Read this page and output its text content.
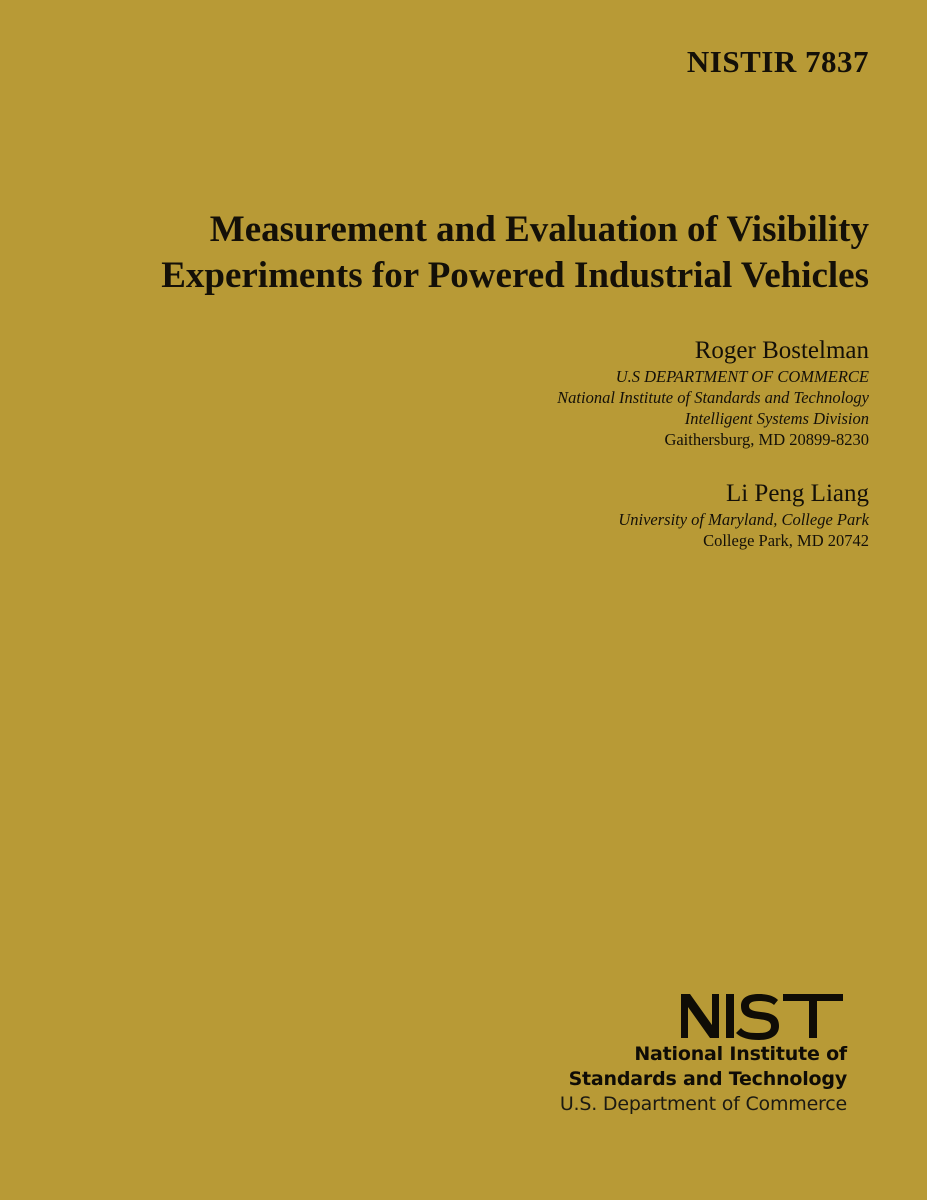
NISTIR 7837
Measurement and Evaluation of Visibility
Experiments for Powered Industrial Vehicles
Roger Bostelman
U.S DEPARTMENT OF COMMERCE
National Institute of Standards and Technology
Intelligent Systems Division
Gaithersburg, MD 20899-8230
Li Peng Liang
University of Maryland, College Park
College Park, MD 20742
National Institute of
Standards and Technology
U.S. Department of Commerce
